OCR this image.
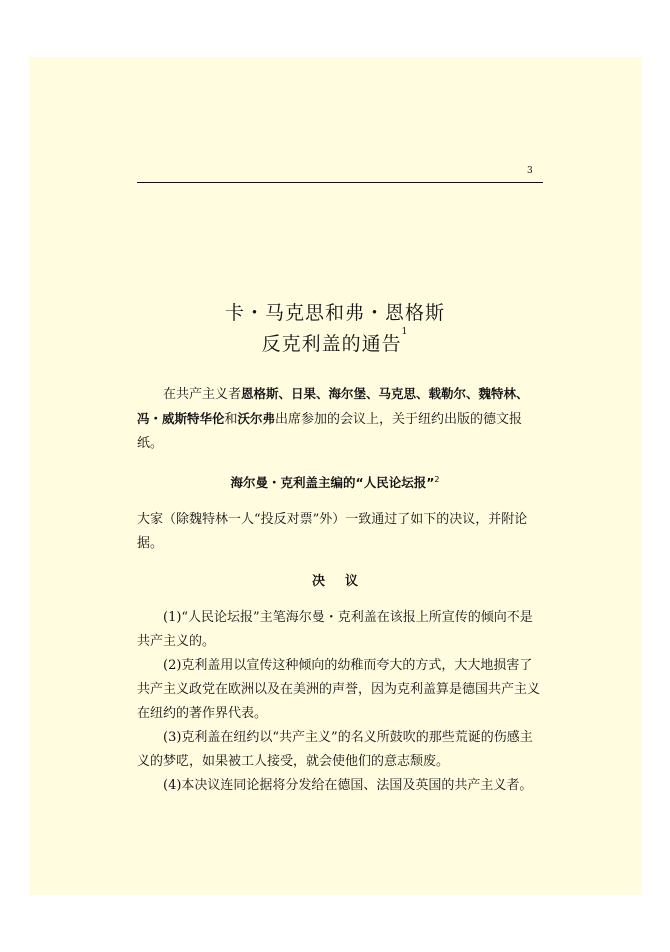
3
卡・马克思和弗・恩格斯
反克利盖的通告$^1$
在共产主义者恩格斯、日果、海尔堡、马克思、载勒尔、魏特林、冯・威斯特华伦和沃尔弗出席参加的会议上，关于纽约出版的德文报纸。
海尔曼・克利盖主编的“人民论坛报”$^2$
大家（除魏特林一人“投反对票”外）一致通过了如下的决议，并附论据。
决议
(1)“人民论坛报”主笔海尔曼・克利盖在该报上所宣传的倾向不是共产主义的。
(2)克利盖用以宣传这种倾向的幼稚而夸大的方式，大大地损害了共产主义政党在欧洲以及在美洲的声誉，因为克利盖算是德国共产主义在纽约的著作界代表。
(3)克利盖在纽约以“共产主义”的名义所鼓吹的那些荒诞的伤感主义的梦呓，如果被工人接受，就会使他们的意志颓废。
(4)本决议连同论据将分发给在德国、法国及英国的共产主义者。
